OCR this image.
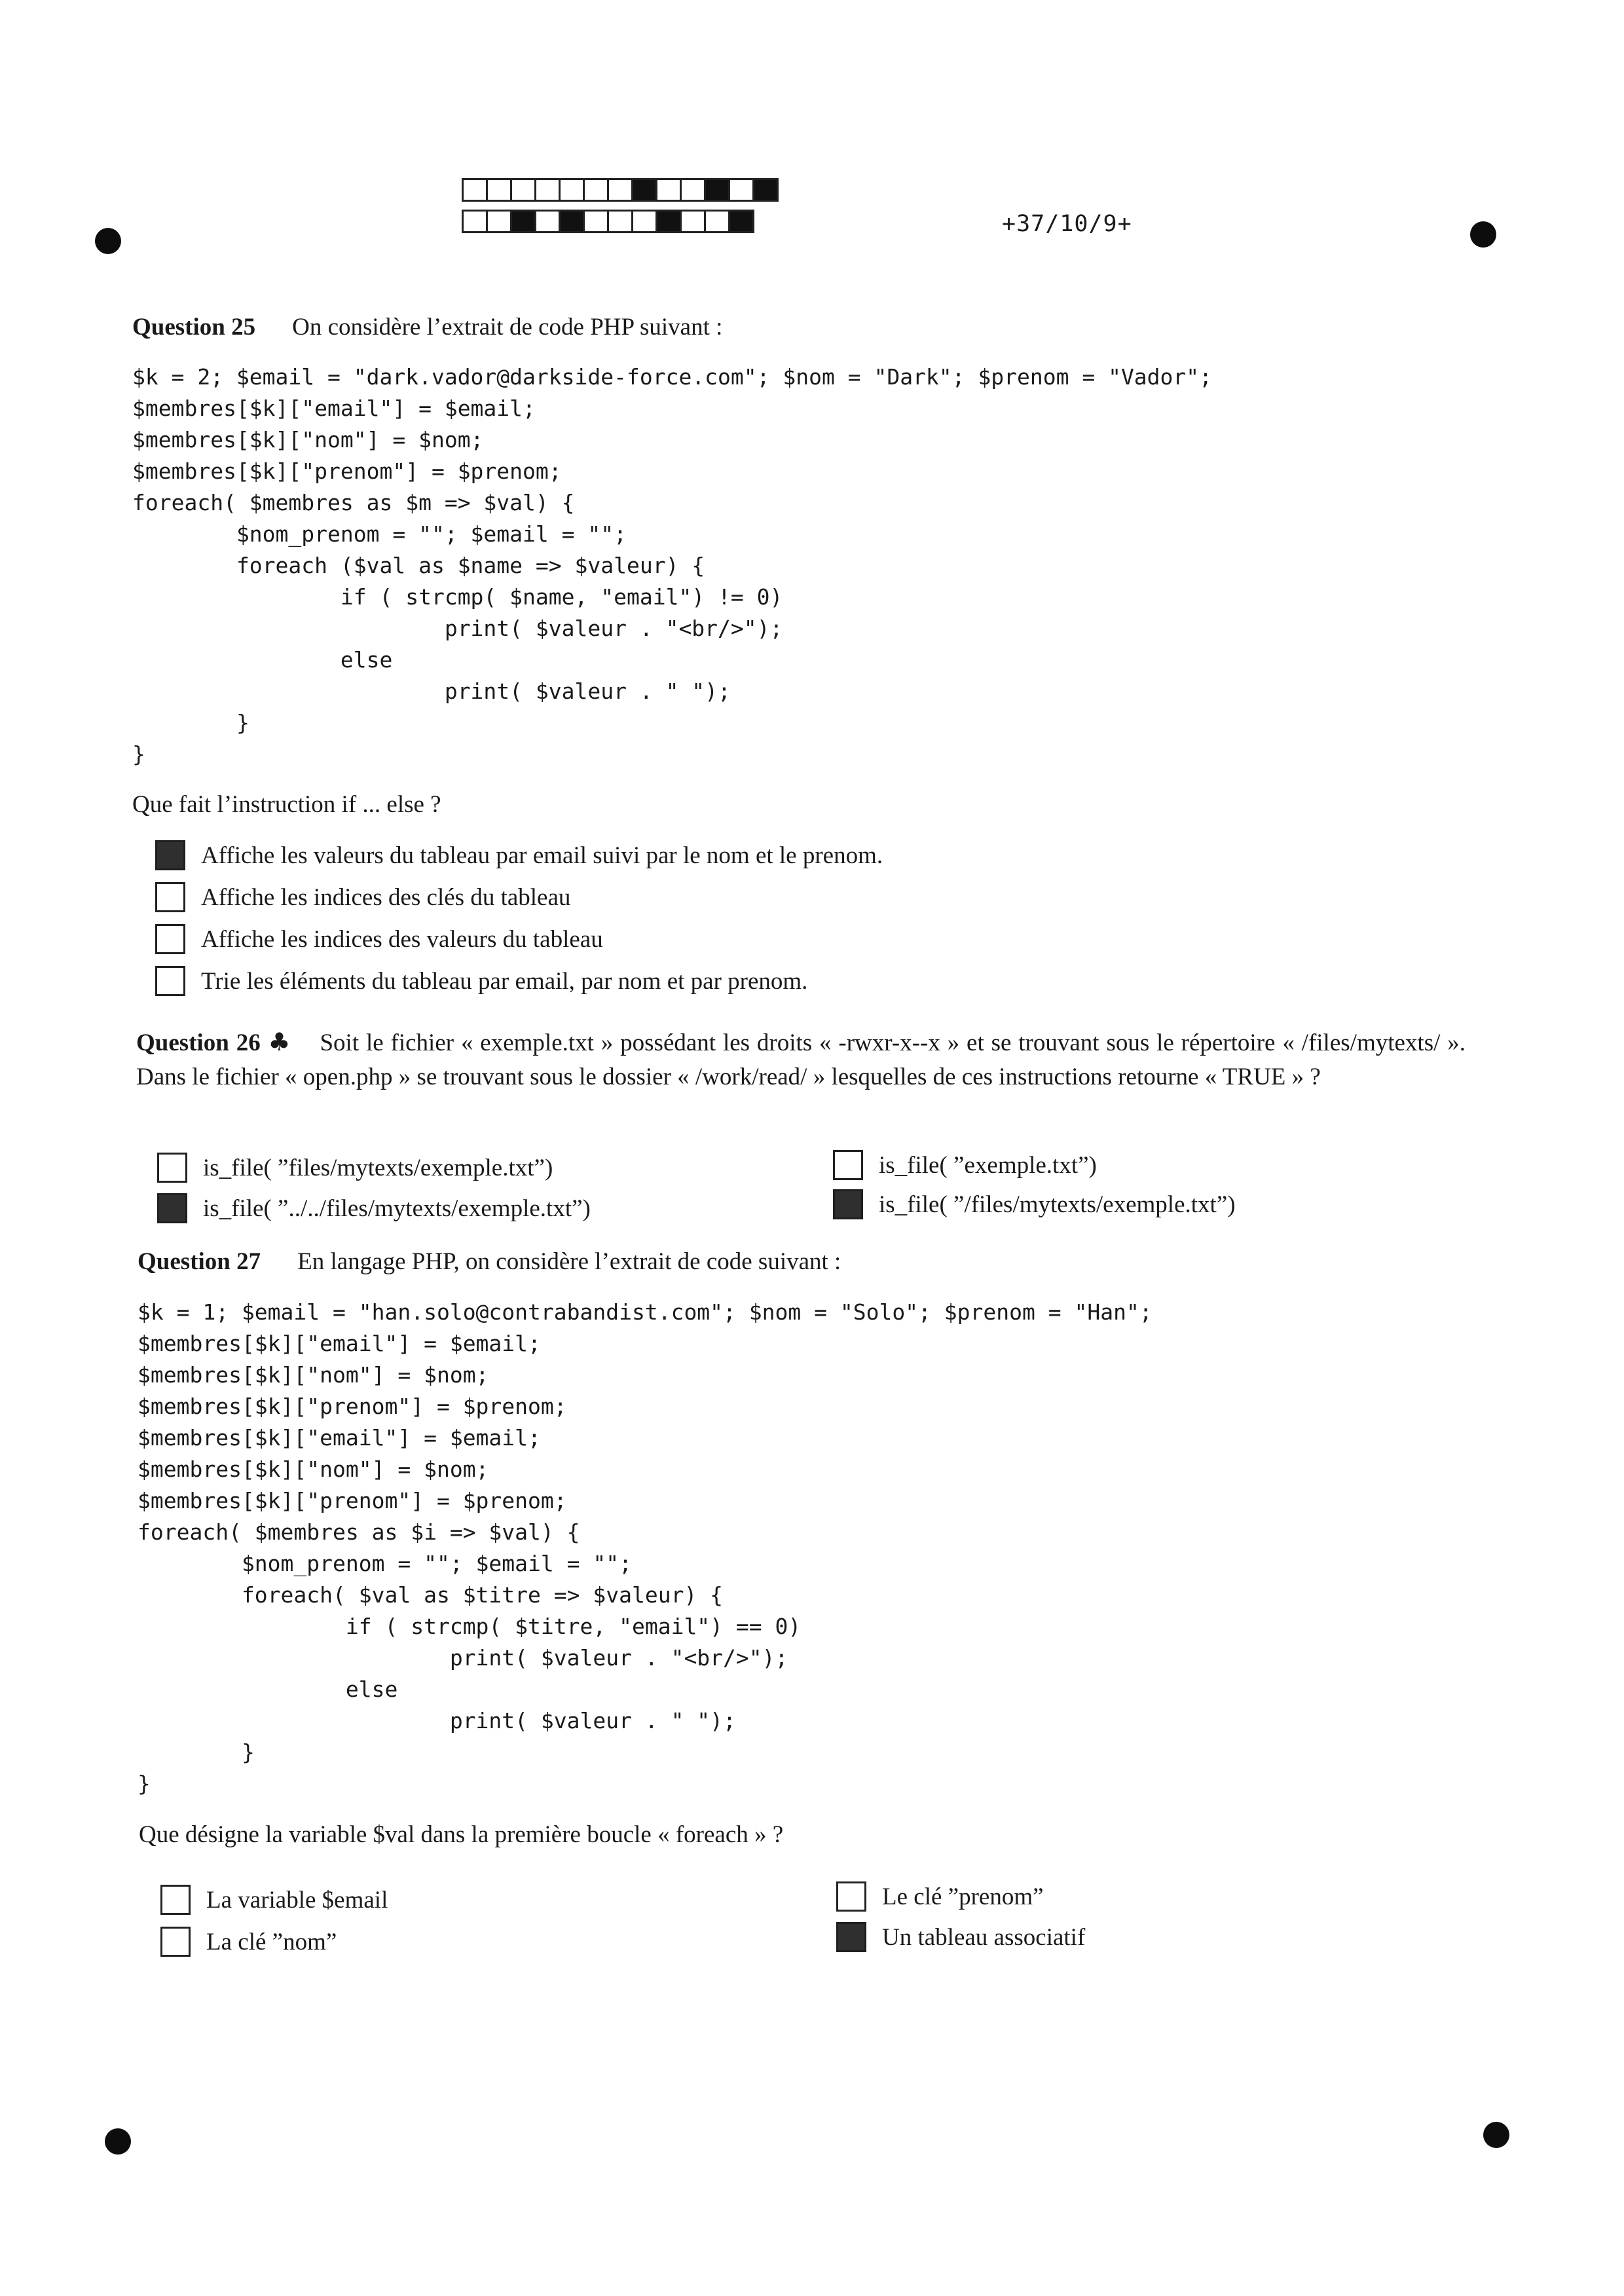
+37/10/9+
Question 25 On considère l’extrait de code PHP suivant :
$k = 2; $email = "dark.vador@darkside-force.com"; $nom = "Dark"; $prenom = "Vador";
$membres[$k]["email"] = $email;
$membres[$k]["nom"] = $nom;
$membres[$k]["prenom"] = $prenom;
foreach( $membres as $m => $val) {
$nom_prenom = ""; $email = "";
foreach ($val as $name => $valeur) {
if ( strcmp( $name, "email") != 0)
print( $valeur . "<br/>");
else
print( $valeur . " ");
}
}
Que fait l’instruction if ... else ?
Affiche les valeurs du tableau par email suivi par le nom et le prenom.
Affiche les indices des clés du tableau
Affiche les indices des valeurs du tableau
Trie les éléments du tableau par email, par nom et par prenom.
Question 26 ♣ Soit le fichier « exemple.txt » possédant les droits « -rwxr-x--x » et se trouvant sous le répertoire « /files/mytexts/ ». Dans le fichier « open.php » se trouvant sous le dossier « /work/read/ » lesquelles de ces instructions retourne « TRUE » ?
is_file( ”files/mytexts/exemple.txt”)	is_file( ”exemple.txt”)
is_file( ”../../files/mytexts/exemple.txt”)	is_file( ”/files/mytexts/exemple.txt”)
Question 27 En langage PHP, on considère l’extrait de code suivant :
$k = 1; $email = "han.solo@contrabandist.com"; $nom = "Solo"; $prenom = "Han";
$membres[$k]["email"] = $email;
$membres[$k]["nom"] = $nom;
$membres[$k]["prenom"] = $prenom;
$membres[$k]["email"] = $email;
$membres[$k]["nom"] = $nom;
$membres[$k]["prenom"] = $prenom;
foreach( $membres as $i => $val) {
$nom_prenom = ""; $email = "";
foreach( $val as $titre => $valeur) {
if ( strcmp( $titre, "email") == 0)
print( $valeur . "<br/>");
else
print( $valeur . " ");
}
}
Que désigne la variable $val dans la première boucle « foreach » ?
La variable $email	Le clé ”prenom”
La clé ”nom”	Un tableau associatif
